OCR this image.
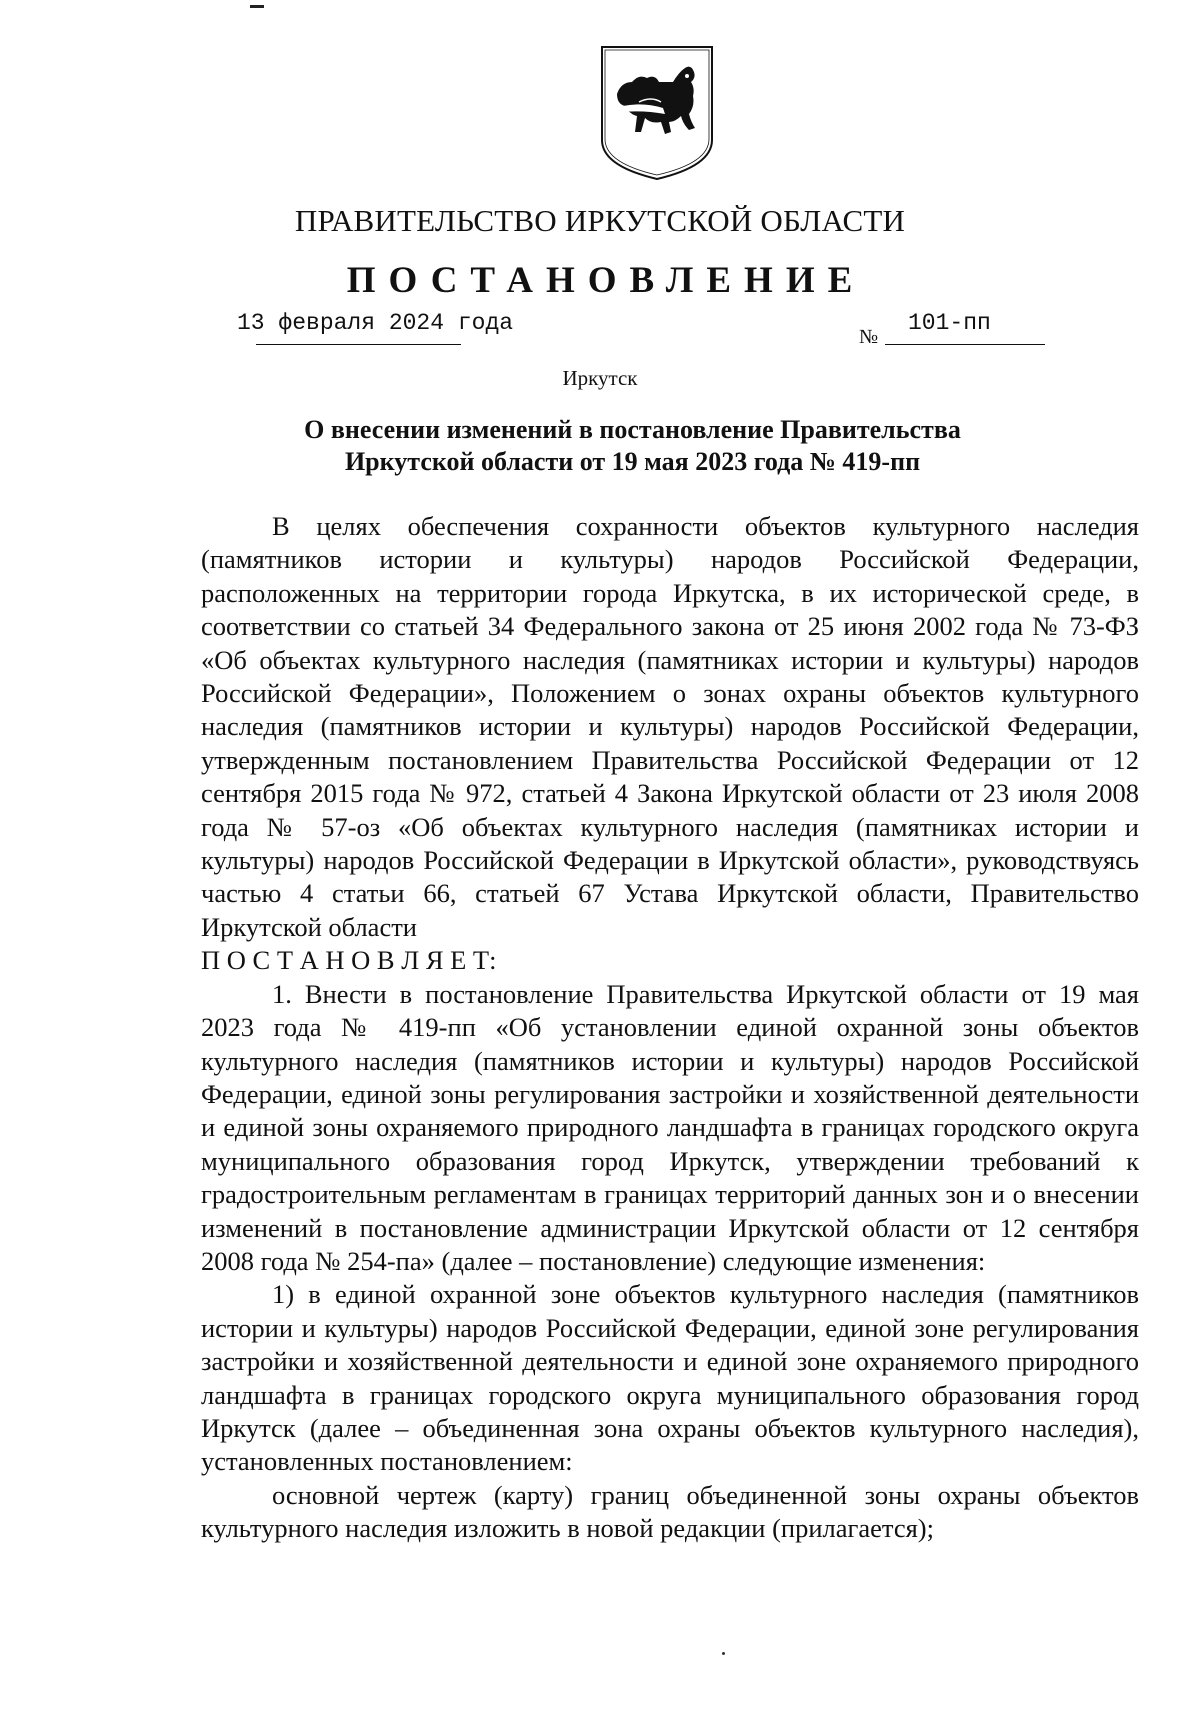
ПРАВИТЕЛЬСТВО ИРКУТСКОЙ ОБЛАСТИ
ПОСТАНОВЛЕНИЕ
13 февраля 2024 года
№
101-пп
Иркутск
О внесении изменений в постановление Правительства
Иркутской области от 19 мая 2023 года № 419-пп

В целях обеспечения сохранности объектов культурного наследия (памятников истории и культуры) народов Российской Федерации, расположенных на территории города Иркутска, в их исторической среде, в соответствии со статьей 34 Федерального закона от 25 июня 2002 года № 73-ФЗ «Об объектах культурного наследия (памятниках истории и культуры) народов Российской Федерации», Положением о зонах охраны объектов культурного наследия (памятников истории и культуры) народов Российской Федерации, утвержденным постановлением Правительства Российской Федерации от 12 сентября 2015 года № 972, статьей 4 Закона Иркутской области от 23 июля 2008 года № 57-оз «Об объектах культурного наследия (памятниках истории и культуры) народов Российской Федерации в Иркутской области», руководствуясь частью 4 статьи 66, статьей 67 Устава Иркутской области, Правительство Иркутской области

П О С Т А Н О В Л Я Е Т:

1. Внести в постановление Правительства Иркутской области от 19 мая 2023 года № 419-пп «Об установлении единой охранной зоны объектов культурного наследия (памятников истории и культуры) народов Российской Федерации, единой зоны регулирования застройки и хозяйственной деятельности и единой зоны охраняемого природного ландшафта в границах городского округа муниципального образования город Иркутск, утверждении требований к градостроительным регламентам в границах территорий данных зон и о внесении изменений в постановление администрации Иркутской области от 12 сентября 2008 года № 254-па» (далее – постановление) следующие изменения:

1) в единой охранной зоне объектов культурного наследия (памятников истории и культуры) народов Российской Федерации, единой зоне регулирования застройки и хозяйственной деятельности и единой зоне охраняемого природного ландшафта в границах городского округа муниципального образования город Иркутск (далее – объединенная зона охраны объектов культурного наследия), установленных постановлением:

основной чертеж (карту) границ объединенной зоны охраны объектов культурного наследия изложить в новой редакции (прилагается);
